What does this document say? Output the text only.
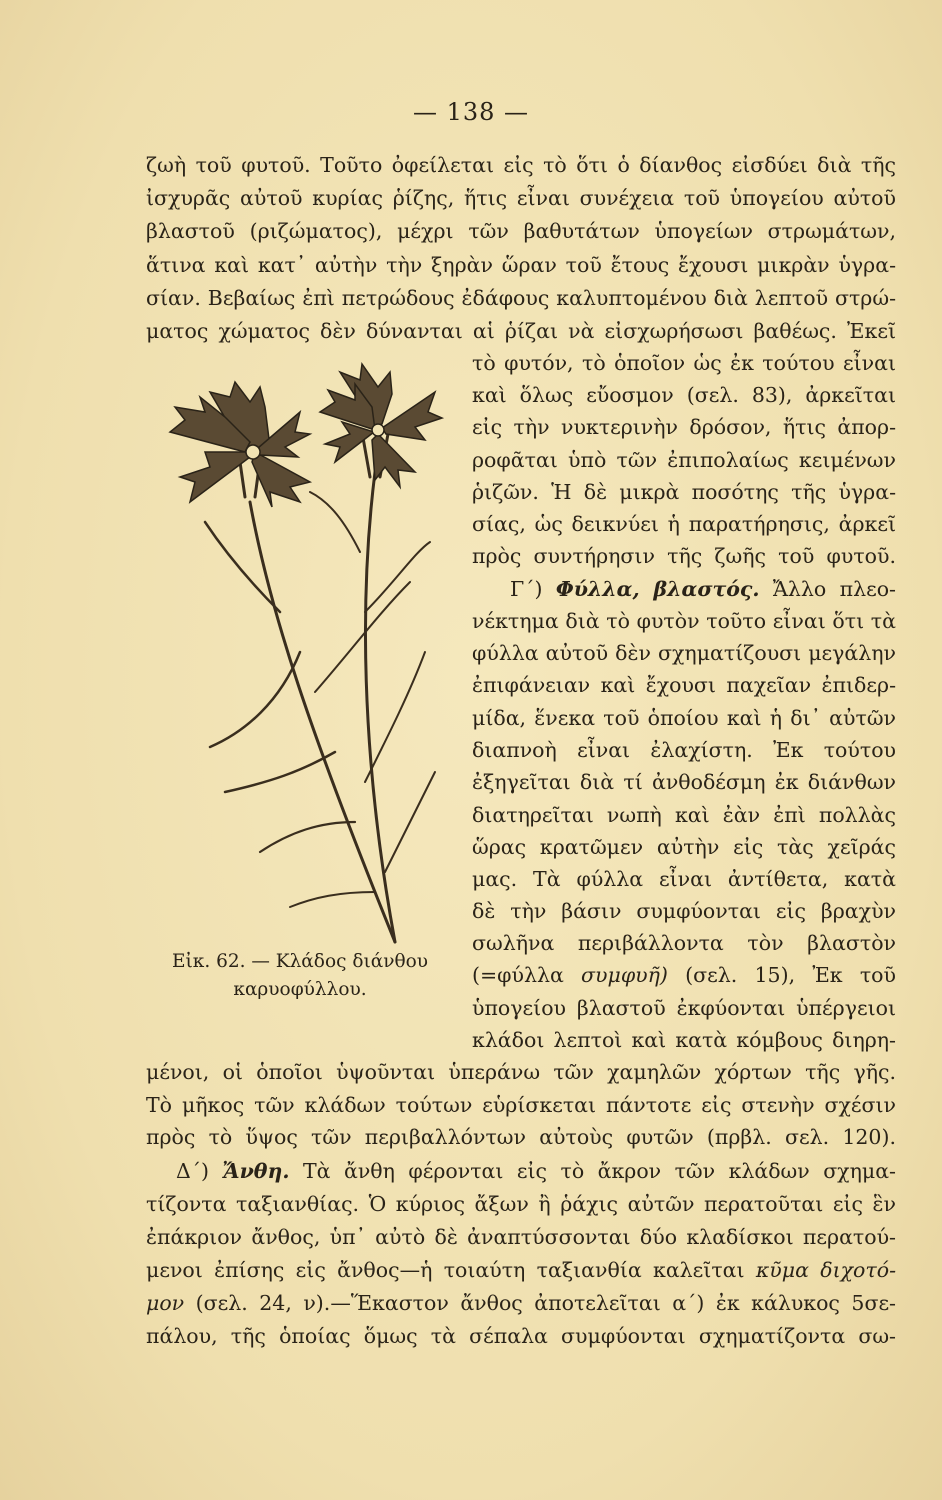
— 138 —
ζωὴ τοῦ φυτοῦ. Τοῦτο ὀφείλεται εἰς τὸ ὅτι ὁ δίανθος εἰσδύει διὰ τῆς
ἰσχυρᾶς αὐτοῦ κυρίας ῥίζης, ἥτις εἶναι συνέχεια τοῦ ὑπογείου αὐτοῦ
βλαστοῦ (ριζώματος), μέχρι τῶν βαθυτάτων ὑπογείων στρωμάτων,
ἅτινα καὶ κατ᾽ αὐτὴν τὴν ξηρὰν ὥραν τοῦ ἔτους ἔχουσι μικρὰν ὑγρα-
σίαν. Βεβαίως ἐπὶ πετρώδους ἐδάφους καλυπτομένου διὰ λεπτοῦ στρώ-
ματος χώματος δὲν δύνανται αἱ ῥίζαι νὰ εἰσχωρήσωσι βαθέως. Ἐκεῖ
τὸ φυτόν, τὸ ὁποῖον ὡς ἐκ τούτου εἶναι
καὶ ὅλως εὔοσμον (σελ. 83), ἀρκεῖται
εἰς τὴν νυκτερινὴν δρόσον, ἥτις ἀπορ-
ροφᾶται ὑπὸ τῶν ἐπιπολαίως κειμένων
ῥιζῶν. Ἡ δὲ μικρὰ ποσότης τῆς ὑγρα-
σίας, ὡς δεικνύει ἡ παρατήρησις, ἀρκεῖ
πρὸς συντήρησιν τῆς ζωῆς τοῦ φυτοῦ.
Γ´) Φύλλα, βλαστός. Ἄλλο πλεο-
νέκτημα διὰ τὸ φυτὸν τοῦτο εἶναι ὅτι τὰ
φύλλα αὐτοῦ δὲν σχηματίζουσι μεγάλην
ἐπιφάνειαν καὶ ἔχουσι παχεῖαν ἐπιδερ-
μίδα, ἕνεκα τοῦ ὁποίου καὶ ἡ δι᾽ αὐτῶν
διαπνοὴ εἶναι ἐλαχίστη. Ἐκ τούτου
ἐξηγεῖται διὰ τί ἀνθοδέσμη ἐκ διάνθων
διατηρεῖται νωπὴ καὶ ἐὰν ἐπὶ πολλὰς
ὥρας κρατῶμεν αὐτὴν εἰς τὰς χεῖράς
μας. Τὰ φύλλα εἶναι ἀντίθετα, κατὰ
δὲ τὴν βάσιν συμφύονται εἰς βραχὺν
σωλῆνα περιβάλλοντα τὸν βλαστὸν
(=φύλλα συμφυῆ) (σελ. 15), Ἐκ τοῦ
ὑπογείου βλαστοῦ ἐκφύονται ὑπέργειοι
κλάδοι λεπτοὶ καὶ κατὰ κόμβους διηρη-
μένοι, οἱ ὁποῖοι ὑψοῦνται ὑπεράνω τῶν χαμηλῶν χόρτων τῆς γῆς.
Τὸ μῆκος τῶν κλάδων τούτων εὑρίσκεται πάντοτε εἰς στενὴν σχέσιν
πρὸς τὸ ὕψος τῶν περιβαλλόντων αὐτοὺς φυτῶν (πρβλ. σελ. 120).
Δ´) Ἄνθη. Τὰ ἄνθη φέρονται εἰς τὸ ἄκρον τῶν κλάδων σχημα-
τίζοντα ταξιανθίας. Ὁ κύριος ἄξων ἢ ῥάχις αὐτῶν περατοῦται εἰς ἓν
ἐπάκριον ἄνθος, ὑπ᾽ αὐτὸ δὲ ἀναπτύσσονται δύο κλαδίσκοι περατού-
μενοι ἐπίσης εἰς ἄνθος—ἡ τοιαύτη ταξιανθία καλεῖται κῦμα διχοτό-
μον (σελ. 24, ν).—Ἕκαστον ἄνθος ἀποτελεῖται α´) ἐκ κάλυκος 5σε-
πάλου, τῆς ὁποίας ὅμως τὰ σέπαλα συμφύονται σχηματίζοντα σω-
Εἰκ. 62. — Κλάδος διάνθου
καρυοφύλλου.
